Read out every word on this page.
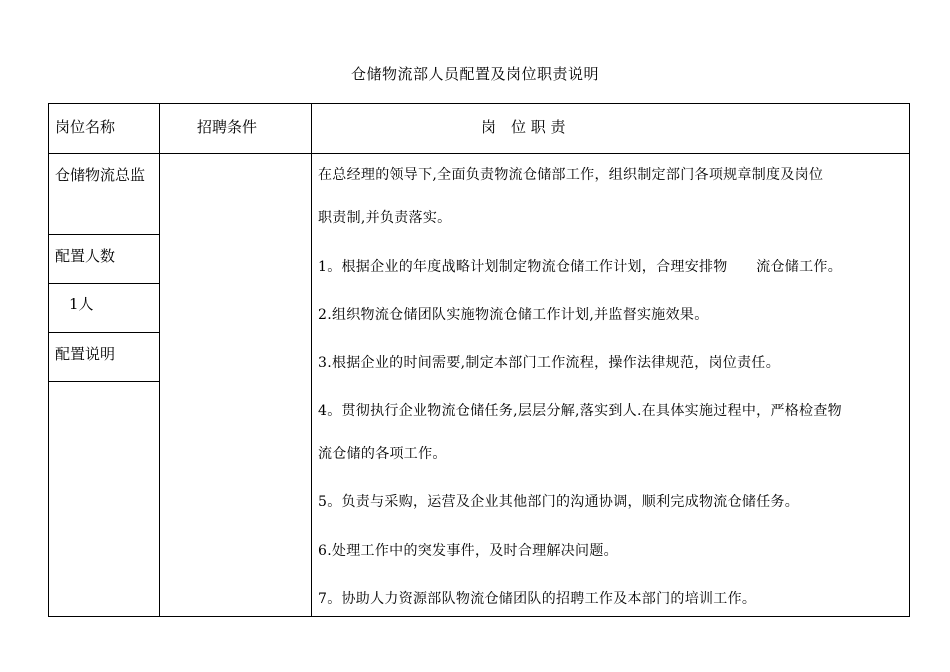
仓储物流部人员配置及岗位职责说明
岗位名称	招聘条件	岗　位 职 责
仓储物流总监
配置人数
1人
配置说明
在总经理的领导下,全面负责物流仓储部工作，组织制定部门各项规章制度及岗位
职责制,并负责落实。
1。根据企业的年度战略计划制定物流仓储工作计划，合理安排物　　流仓储工作。
2.组织物流仓储团队实施物流仓储工作计划,并监督实施效果。
3.根据企业的时间需要,制定本部门工作流程，操作法律规范，岗位责任。
4。贯彻执行企业物流仓储任务,层层分解,落实到人.在具体实施过程中，严格检查物
流仓储的各项工作。
5。负责与采购，运营及企业其他部门的沟通协调，顺利完成物流仓储任务。
6.处理工作中的突发事件，及时合理解决问题。
7。协助人力资源部队物流仓储团队的招聘工作及本部门的培训工作。
